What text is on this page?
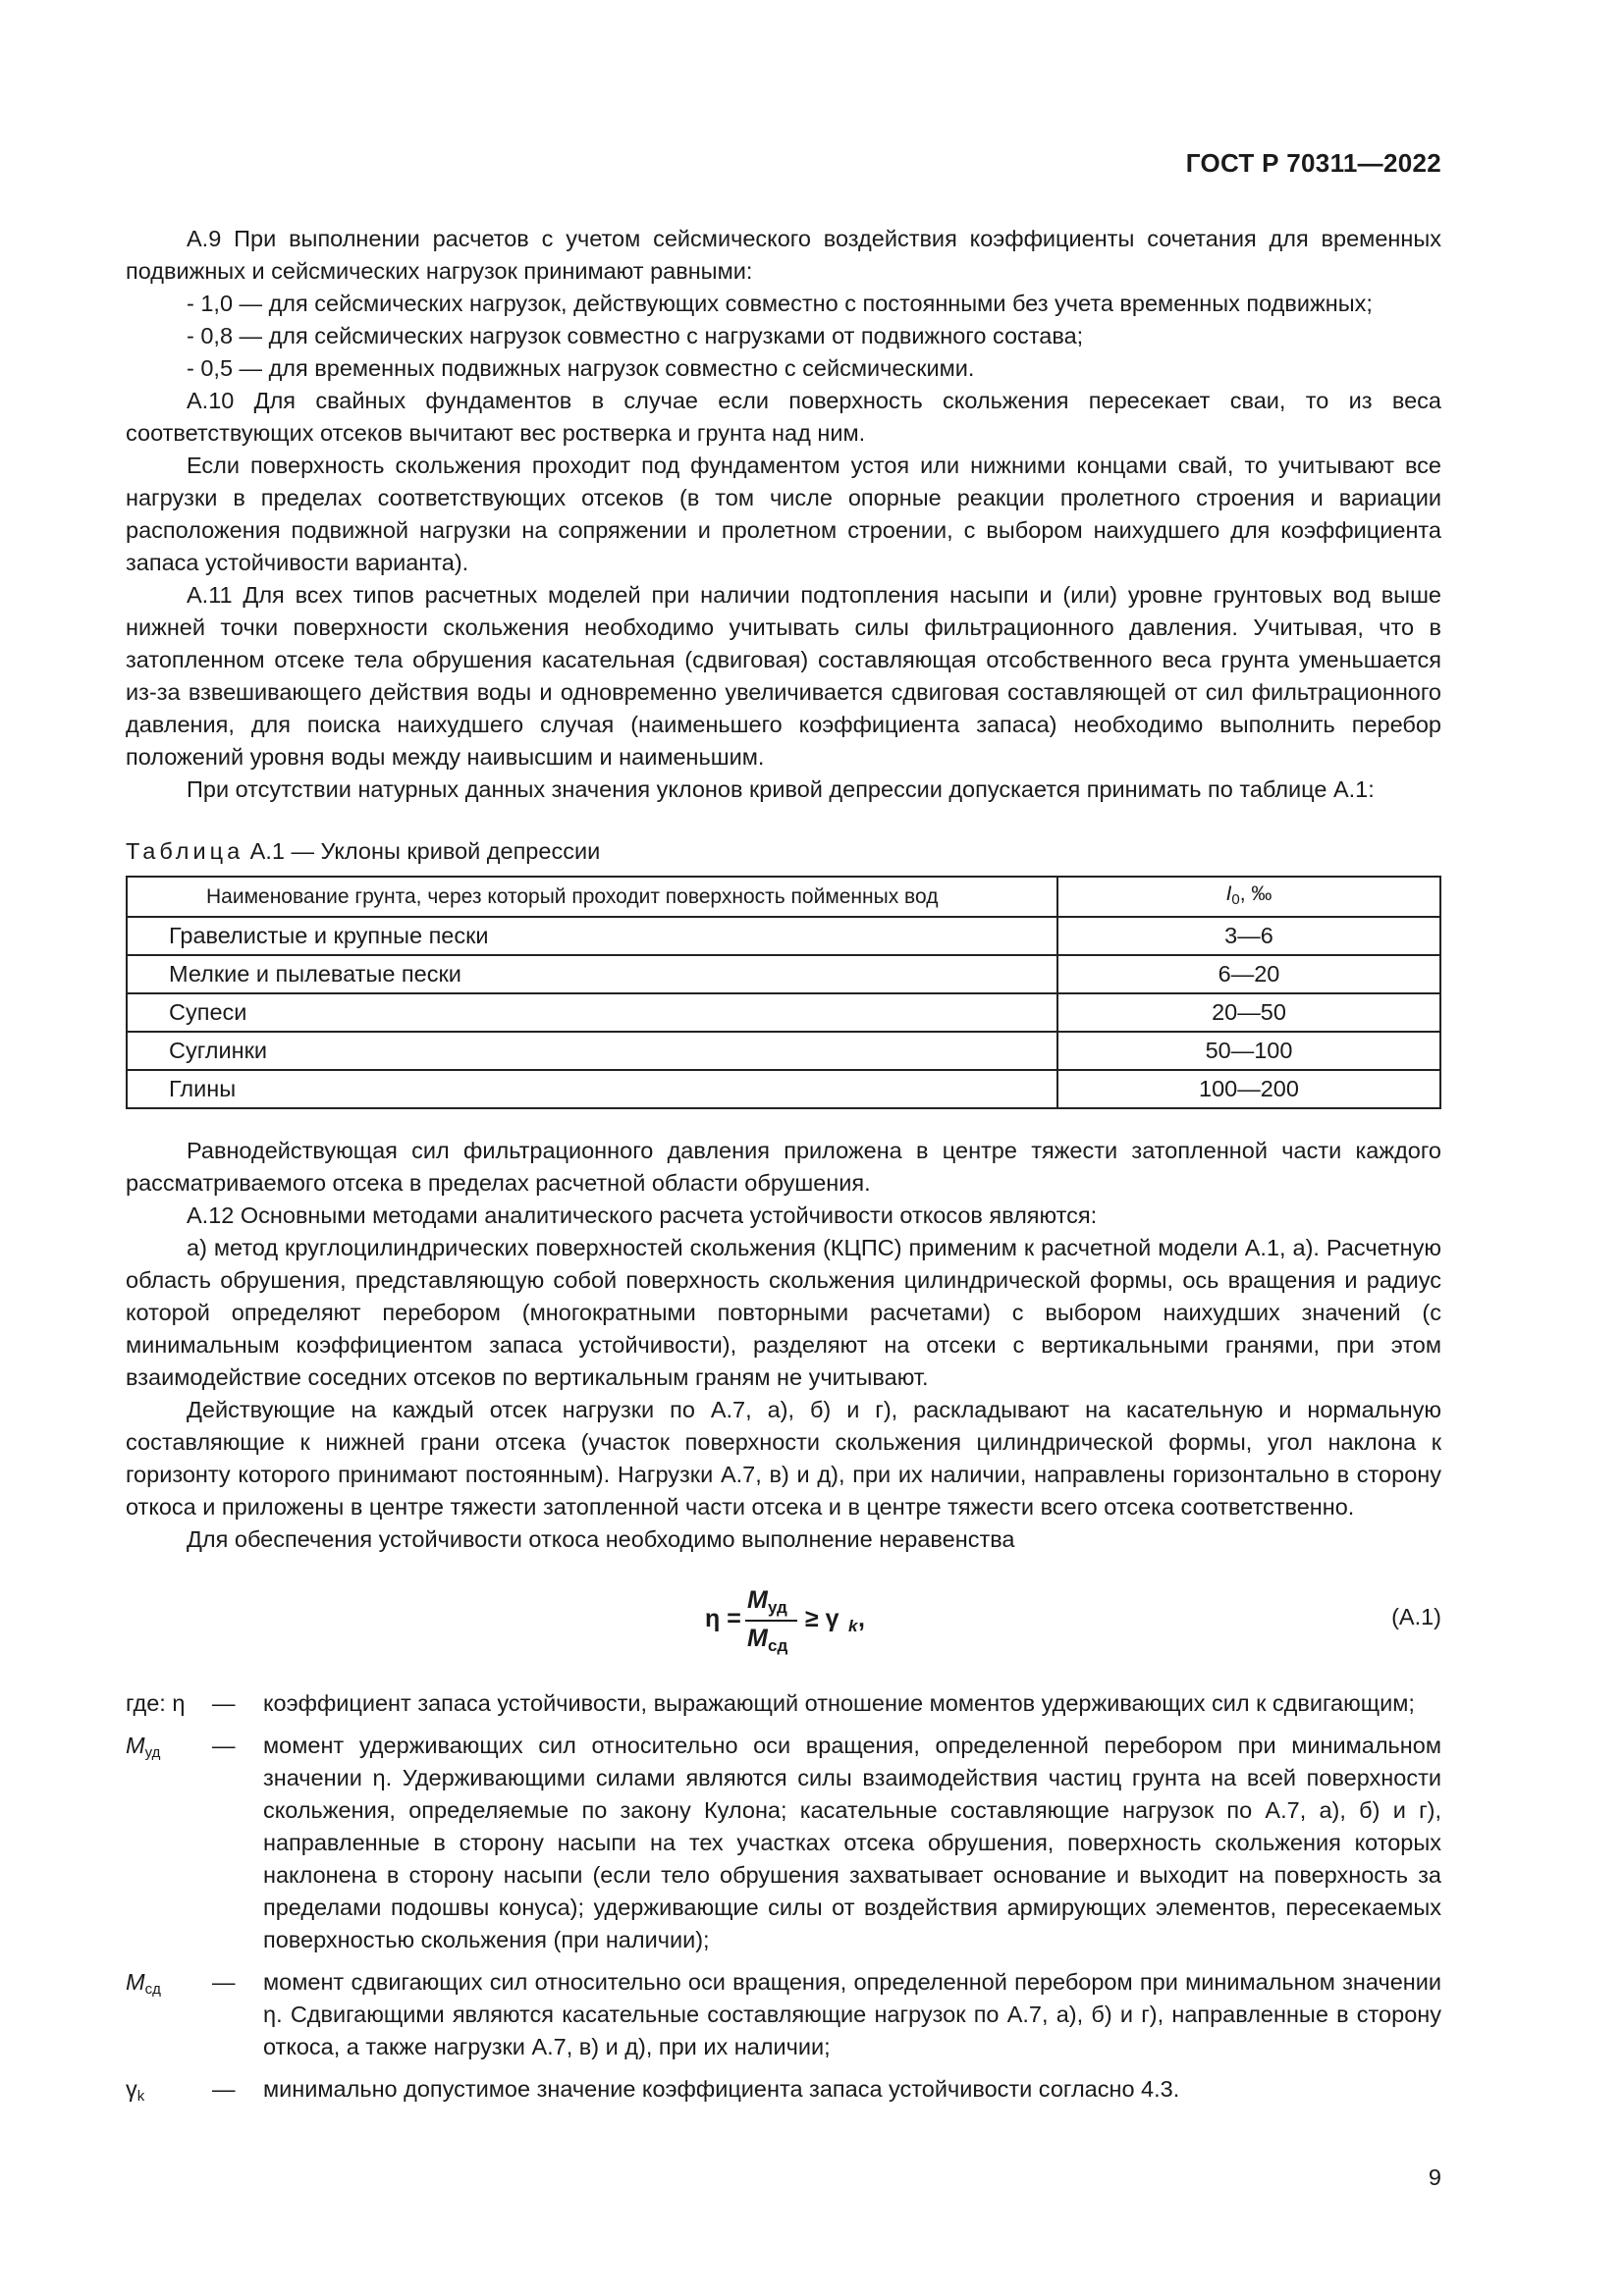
ГОСТ Р 70311—2022

А.9 При выполнении расчетов с учетом сейсмического воздействия коэффициенты сочетания для временных подвижных и сейсмических нагрузок принимают равными:

- 1,0 — для сейсмических нагрузок, действующих совместно с постоянными без учета временных подвижных;

- 0,8 — для сейсмических нагрузок совместно с нагрузками от подвижного состава;

- 0,5 — для временных подвижных нагрузок совместно с сейсмическими.

А.10 Для свайных фундаментов в случае если поверхность скольжения пересекает сваи, то из веса соответствующих отсеков вычитают вес ростверка и грунта над ним.

Если поверхность скольжения проходит под фундаментом устоя или нижними концами свай, то учитывают все нагрузки в пределах соответствующих отсеков (в том числе опорные реакции пролетного строения и вариации расположения подвижной нагрузки на сопряжении и пролетном строении, с выбором наихудшего для коэффициента запаса устойчивости варианта).

А.11 Для всех типов расчетных моделей при наличии подтопления насыпи и (или) уровне грунтовых вод выше нижней точки поверхности скольжения необходимо учитывать силы фильтрационного давления. Учитывая, что в затопленном отсеке тела обрушения касательная (сдвиговая) составляющая отсобственного веса грунта уменьшается из-за взвешивающего действия воды и одновременно увеличивается сдвиговая составляющей от сил фильтрационного давления, для поиска наихудшего случая (наименьшего коэффициента запаса) необходимо выполнить перебор положений уровня воды между наивысшим и наименьшим.

При отсутствии натурных данных значения уклонов кривой депрессии допускается принимать по таблице А.1:

Таблица А.1 — Уклоны кривой депрессии
Наименование грунта, через который проходит поверхность пойменных вод	$I_0$, ‰
Гравелистые и крупные пески	3—6
Мелкие и пылеватые пески	6—20
Супеси	20—50
Суглинки	50—100
Глины	100—200

Равнодействующая сил фильтрационного давления приложена в центре тяжести затопленной части каждого рассматриваемого отсека в пределах расчетной области обрушения.

А.12 Основными методами аналитического расчета устойчивости откосов являются:

а) метод круглоцилиндрических поверхностей скольжения (КЦПС) применим к расчетной модели А.1, а). Расчетную область обрушения, представляющую собой поверхность скольжения цилиндрической формы, ось вращения и радиус которой определяют перебором (многократными повторными расчетами) с выбором наихудших значений (с минимальным коэффициентом запаса устойчивости), разделяют на отсеки с вертикальными гранями, при этом взаимодействие соседних отсеков по вертикальным граням не учитывают.

Действующие на каждый отсек нагрузки по А.7, а), б) и г), раскладывают на касательную и нормальную составляющие к нижней грани отсека (участок поверхности скольжения цилиндрической формы, угол наклона к горизонту которого принимают постоянным). Нагрузки А.7, в) и д), при их наличии, направлены горизонтально в сторону откоса и приложены в центре тяжести затопленной части отсека и в центре тяжести всего отсека соответственно.

Для обеспечения устойчивости откоса необходимо выполнение неравенства

η =
M уд
M сд
≥ γ k ,	(А.1)
где: η	—	коэффициент запаса устойчивости, выражающий отношение моментов удерживающих сил к сдвигающим;
$M_{уд}$	—	момент удерживающих сил относительно оси вращения, определенной перебором при минимальном значении η. Удерживающими силами являются силы взаимодействия частиц грунта на всей поверхности скольжения, определяемые по закону Кулона; касательные составляющие нагрузок по А.7, а), б) и г), направленные в сторону насыпи на тех участках отсека обрушения, поверхность скольжения которых наклонена в сторону насыпи (если тело обрушения захватывает основание и выходит на поверхность за пределами подошвы конуса); удерживающие силы от воздействия армирующих элементов, пересекаемых поверхностью скольжения (при наличии);
$M_{сд}$	—	момент сдвигающих сил относительно оси вращения, определенной перебором при минимальном значении η. Сдвигающими являются касательные составляющие нагрузок по А.7, а), б) и г), направленные в сторону откоса, а также нагрузки А.7, в) и д), при их наличии;
$\gamma_k$	—	минимально допустимое значение коэффициента запаса устойчивости согласно 4.3.
9
